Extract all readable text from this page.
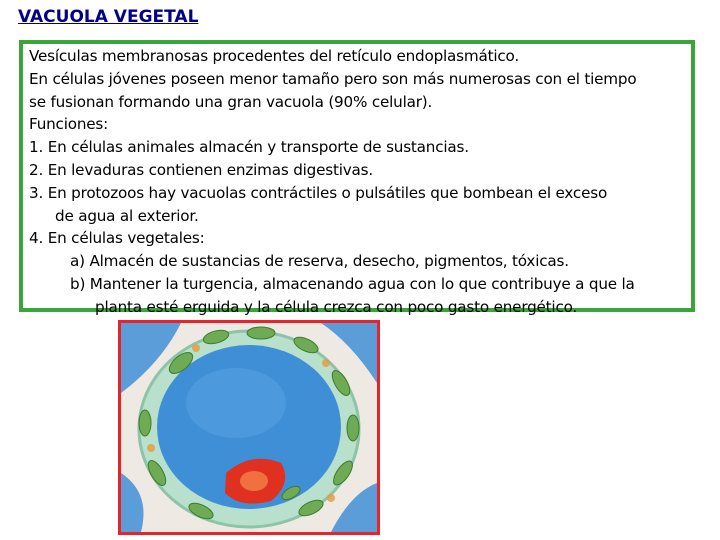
VACUOLA VEGETAL
Vesículas membranosas procedentes del retículo endoplasmático.
En células jóvenes poseen menor tamaño pero son más numerosas con el tiempo
se fusionan formando una gran vacuola (90% celular).
Funciones:
1. En células animales almacén y transporte de sustancias.
2. En levaduras contienen enzimas digestivas.
3. En protozoos hay vacuolas contráctiles o pulsátiles que bombean el exceso
de agua al exterior.
4. En células vegetales:
a) Almacén de sustancias de reserva, desecho, pigmentos, tóxicas.
b) Mantener la turgencia, almacenando agua con lo que contribuye a que la
planta esté erguida y la célula crezca con poco gasto energético.
